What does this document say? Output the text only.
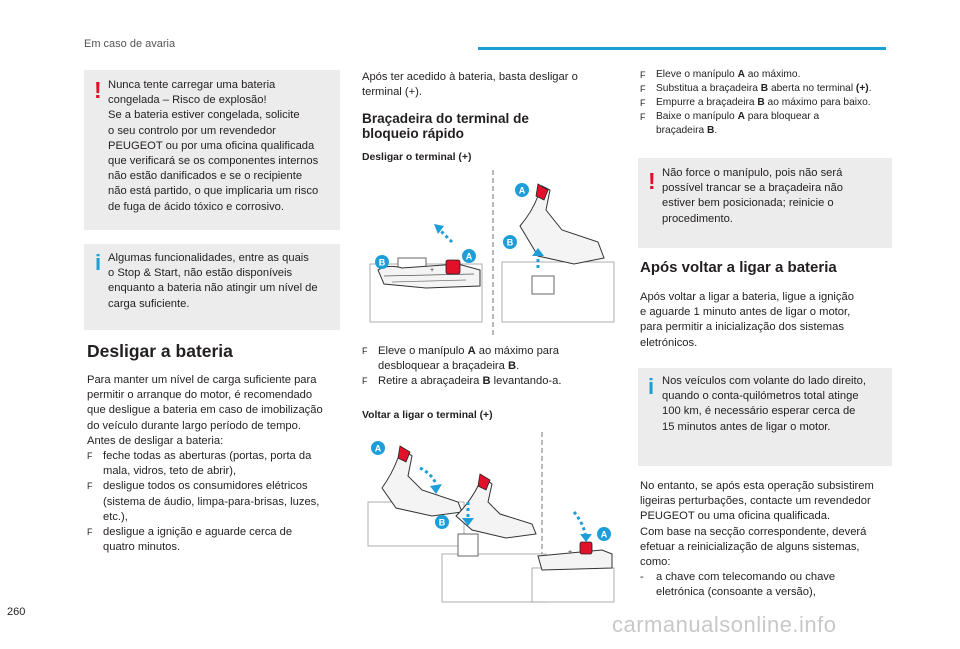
Em caso de avaria
! Nunca tente carregar uma bateria
congelada – Risco de explosão!
Se a bateria estiver congelada, solicite
o seu controlo por um revendedor
PEUGEOT ou por uma oficina qualificada
que verificará se os componentes internos
não estão danificados e se o recipiente
não está partido, o que implicaria um risco
de fuga de ácido tóxico e corrosivo.

i Algumas funcionalidades, entre as quais
o Stop & Start, não estão disponíveis
enquanto a bateria não atingir um nível de
carga suficiente.

Desligar a bateria

Para manter um nível de carga suficiente para
permitir o arranque do motor, é recomendado
que desligue a bateria em caso de imobilização
do veículo durante largo período de tempo.
Antes de desligar a bateria:

F feche todas as aberturas (portas, porta da
mala, vidros, teto de abrir),
F desligue todos os consumidores elétricos
(sistema de áudio, limpa-para-brisas, luzes,
etc.),
F desligue a ignição e aguarde cerca de
quatro minutos.

Após ter acedido à bateria, basta desligar o
terminal (+).

Braçadeira do terminal de
bloqueio rápido
Desligar o terminal (+)
+
A
B
A
B
F Eleve o manípulo A ao máximo para
desbloquear a braçadeira B.
F Retire a abraçadeira B levantando-a.
Voltar a ligar o terminal (+)
A
B
+
A
F Eleve o manípulo A ao máximo.
F Substitua a braçadeira B aberta no terminal (+).
F Empurre a braçadeira B ao máximo para baixo.
F Baixe o manípulo A para bloquear a
braçadeira B.
! Não force o manípulo, pois não será
possível trancar se a braçadeira não
estiver bem posicionada; reinicie o
procedimento.

Após voltar a ligar a bateria

Após voltar a ligar a bateria, ligue a ignição
e aguarde 1 minuto antes de ligar o motor,
para permitir a inicialização dos sistemas
eletrónicos.

i Nos veículos com volante do lado direito,
quando o conta-quilómetros total atinge
100 km, é necessário esperar cerca de
15 minutos antes de ligar o motor.

No entanto, se após esta operação subsistirem
ligeiras perturbações, contacte um revendedor
PEUGEOT ou uma oficina qualificada.
Com base na secção correspondente, deverá
efetuar a reinicialização de alguns sistemas,
como:

- a chave com telecomando ou chave
eletrónica (consoante a versão),
260	carmanualsonline.info
